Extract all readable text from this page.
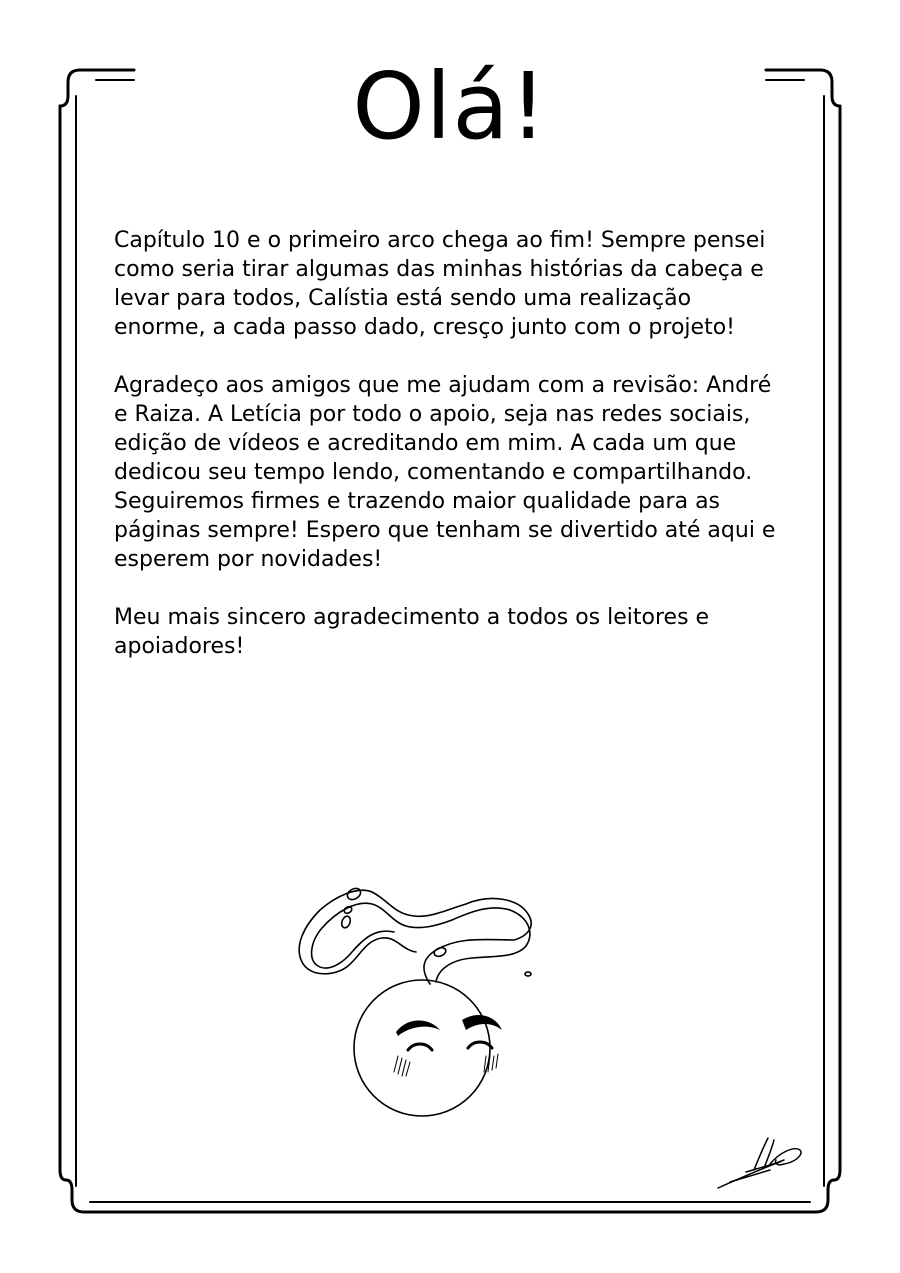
Olá!

Capítulo 10 e o primeiro arco chega ao fim! Sempre pensei
como seria tirar algumas das minhas histórias da cabeça e
levar para todos, Calístia está sendo uma realização
enorme, a cada passo dado, cresço junto com o projeto!

Agradeço aos amigos que me ajudam com a revisão: André
e Raiza. A Letícia por todo o apoio, seja nas redes sociais,
edição de vídeos e acreditando em mim. A cada um que
dedicou seu tempo lendo, comentando e compartilhando.
Seguiremos firmes e trazendo maior qualidade para as
páginas sempre! Espero que tenham se divertido até aqui e
esperem por novidades!

Meu mais sincero agradecimento a todos os leitores e
apoiadores!
